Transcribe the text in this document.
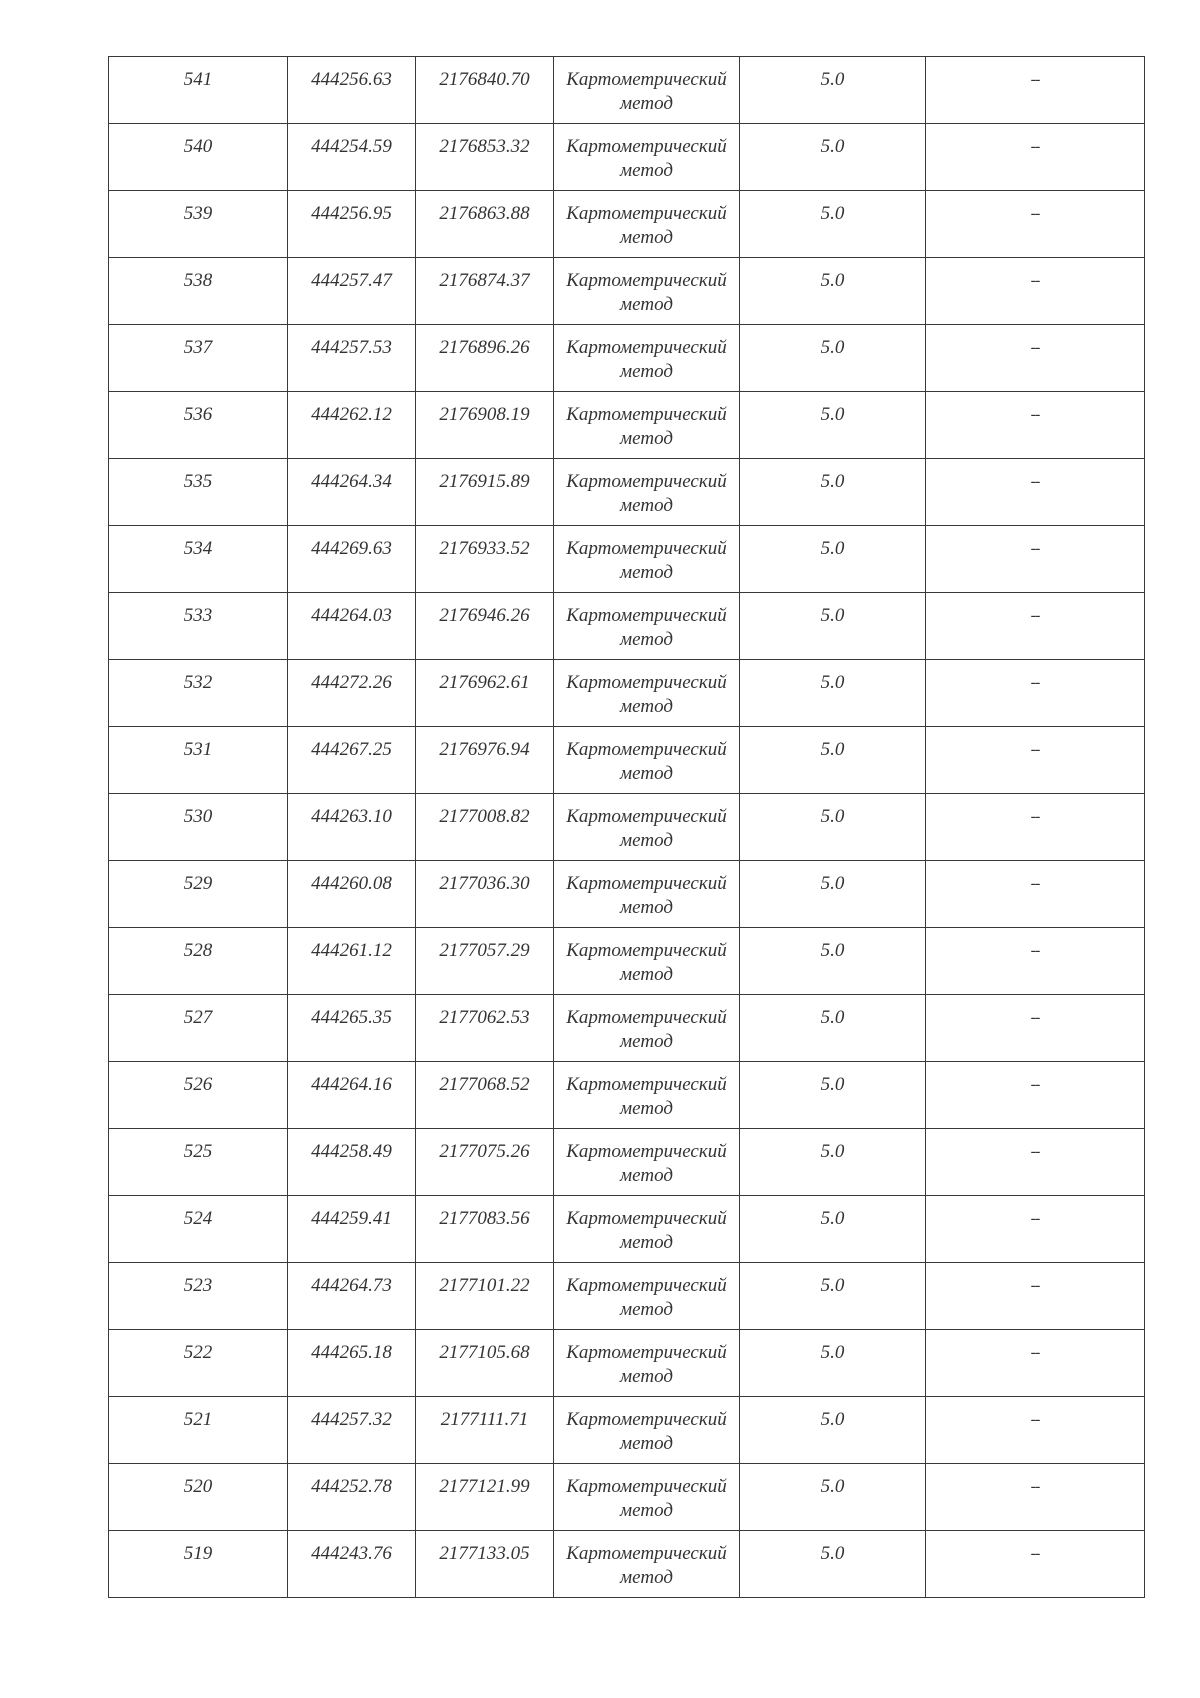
541	444256.63	2176840.70	Картометрический
метод	5.0	--

540	444254.59	2176853.32	Картометрический
метод	5.0	--

539	444256.95	2176863.88	Картометрический
метод	5.0	--

538	444257.47	2176874.37	Картометрический
метод	5.0	--

537	444257.53	2176896.26	Картометрический
метод	5.0	--

536	444262.12	2176908.19	Картометрический
метод	5.0	--

535	444264.34	2176915.89	Картометрический
метод	5.0	--

534	444269.63	2176933.52	Картометрический
метод	5.0	--

533	444264.03	2176946.26	Картометрический
метод	5.0	--

532	444272.26	2176962.61	Картометрический
метод	5.0	--

531	444267.25	2176976.94	Картометрический
метод	5.0	--

530	444263.10	2177008.82	Картометрический
метод	5.0	--

529	444260.08	2177036.30	Картометрический
метод	5.0	--

528	444261.12	2177057.29	Картометрический
метод	5.0	--

527	444265.35	2177062.53	Картометрический
метод	5.0	--

526	444264.16	2177068.52	Картометрический
метод	5.0	--

525	444258.49	2177075.26	Картометрический
метод	5.0	--

524	444259.41	2177083.56	Картометрический
метод	5.0	--

523	444264.73	2177101.22	Картометрический
метод	5.0	--

522	444265.18	2177105.68	Картометрический
метод	5.0	--

521	444257.32	2177111.71	Картометрический
метод	5.0	--

520	444252.78	2177121.99	Картометрический
метод	5.0	--

519	444243.76	2177133.05	Картометрический
метод	5.0	--
